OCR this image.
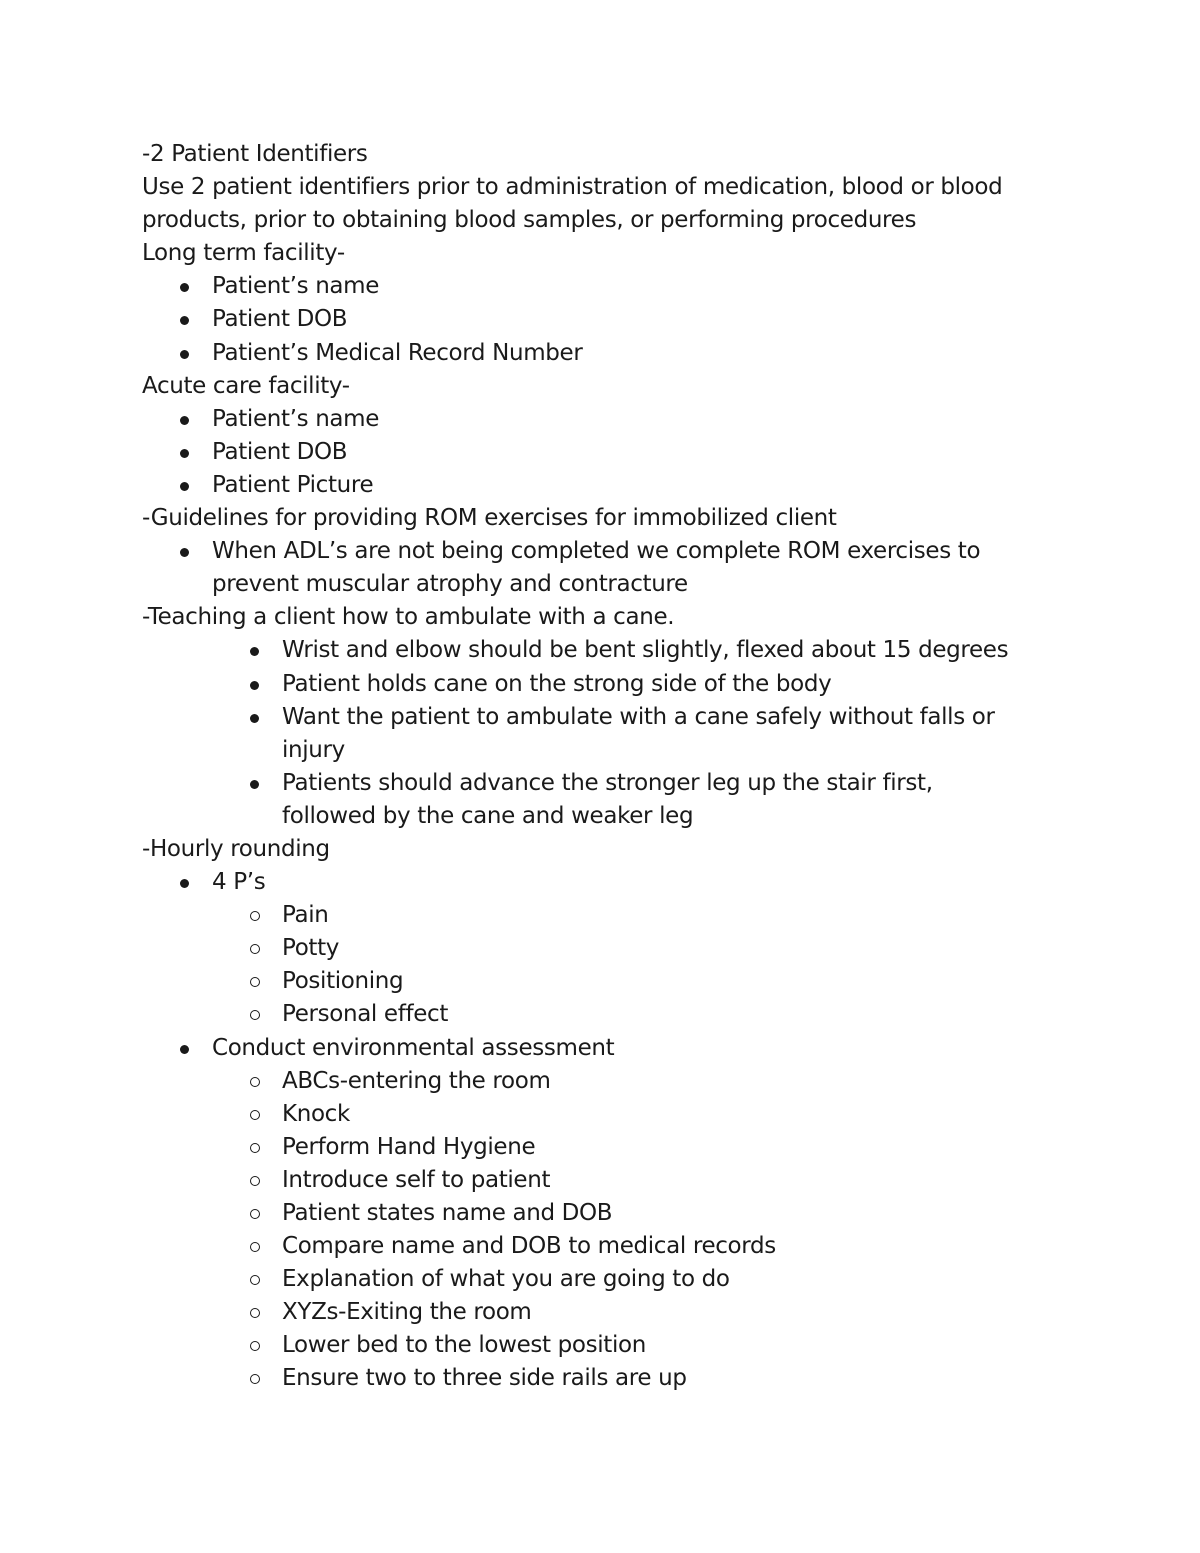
-2 Patient Identifiers
Use 2 patient identifiers prior to administration of medication, blood or blood products, prior to obtaining blood samples, or performing procedures
Long term facility-
Patient’s name
Patient DOB
Patient’s Medical Record Number
Acute care facility-
Patient’s name
Patient DOB
Patient Picture
-Guidelines for providing ROM exercises for immobilized client
When ADL’s are not being completed we complete ROM exercises to prevent muscular atrophy and contracture
-Teaching a client how to ambulate with a cane.
Wrist and elbow should be bent slightly, flexed about 15 degrees
Patient holds cane on the strong side of the body
Want the patient to ambulate with a cane safely without falls or injury
Patients should advance the stronger leg up the stair first, followed by the cane and weaker leg
-Hourly rounding
4 P’s
Pain
Potty
Positioning
Personal effect
Conduct environmental assessment
ABCs-entering the room
Knock
Perform Hand Hygiene
Introduce self to patient
Patient states name and DOB
Compare name and DOB to medical records
Explanation of what you are going to do
XYZs-Exiting the room
Lower bed to the lowest position
Ensure two to three side rails are up
